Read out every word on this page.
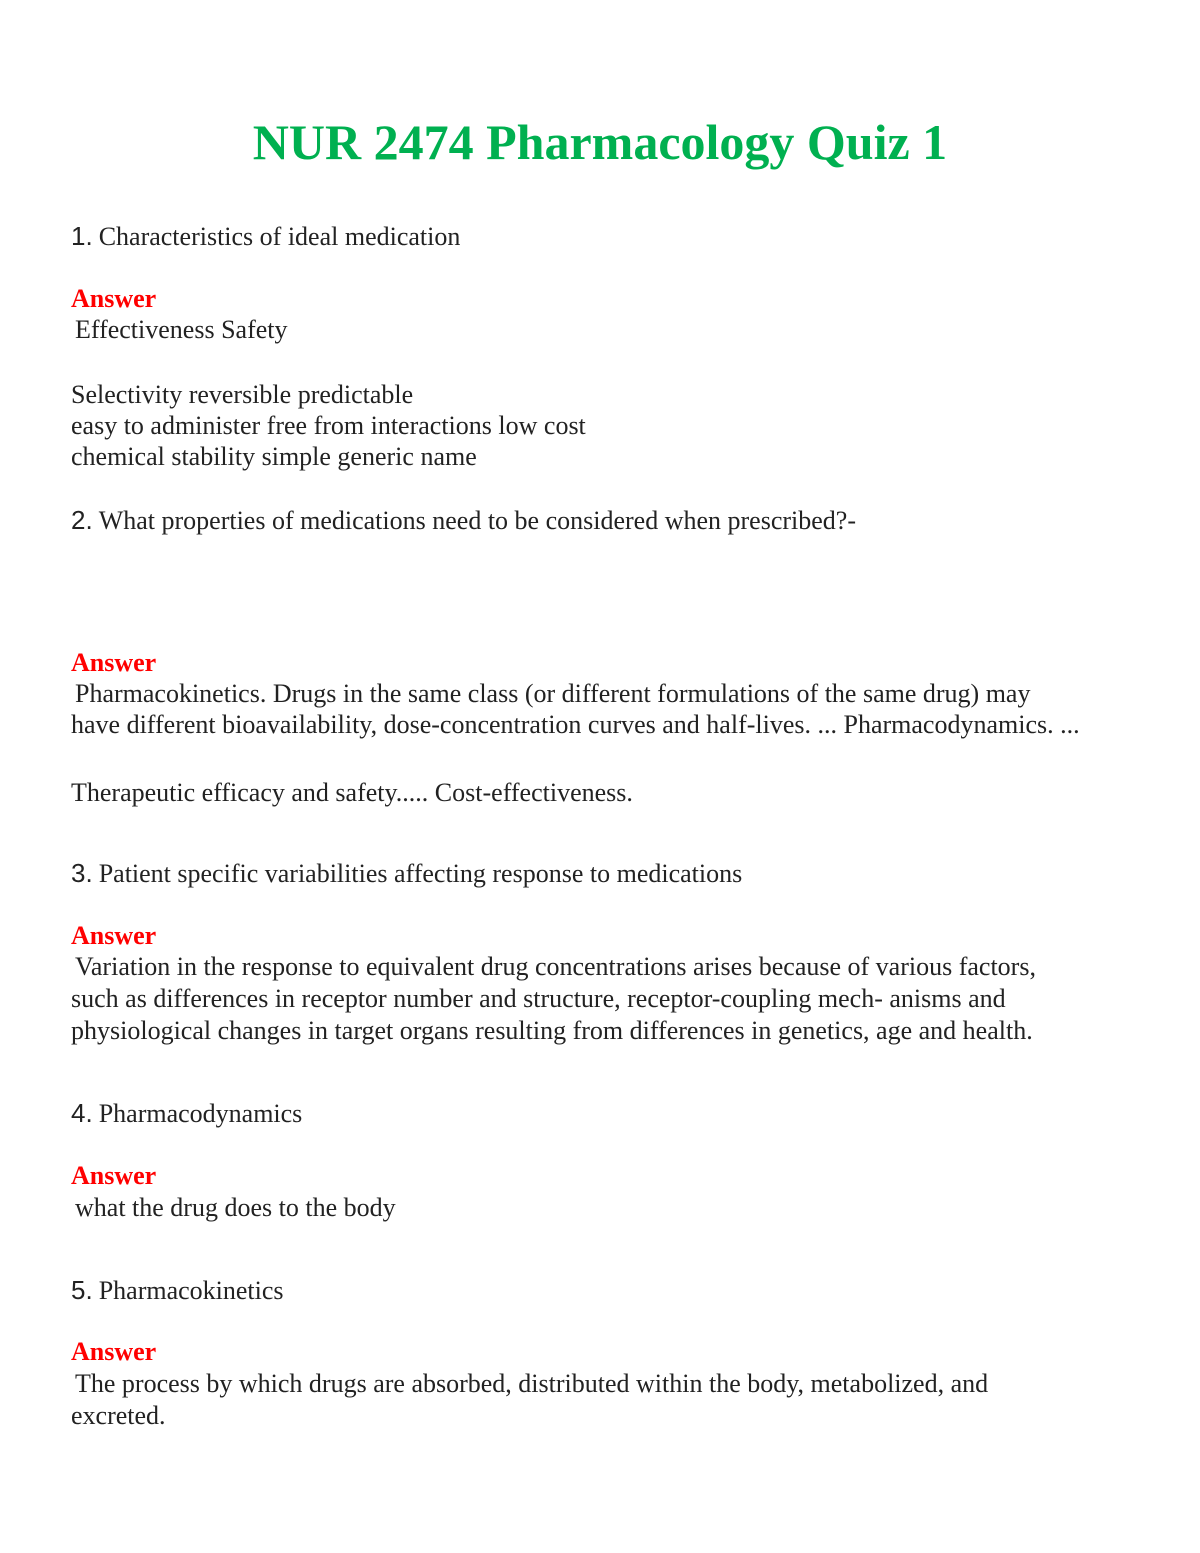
NUR 2474 Pharmacology Quiz 1
1. Characteristics of ideal medication
Answer
Effectiveness Safety
Selectivity reversible predictable
easy to administer free from interactions low cost
chemical stability simple generic name
2. What properties of medications need to be considered when prescribed?-
Answer
Pharmacokinetics. Drugs in the same class (or different formulations of the same drug) may
have different bioavailability, dose-concentration curves and half-lives. ... Pharmacodynamics. ...
Therapeutic efficacy and safety..... Cost-effectiveness.
3. Patient specific variabilities affecting response to medications
Answer
Variation in the response to equivalent drug concentrations arises because of various factors,
such as differences in receptor number and structure, receptor-coupling mech- anisms and
physiological changes in target organs resulting from differences in genetics, age and health.
4. Pharmacodynamics
Answer
what the drug does to the body
5. Pharmacokinetics
Answer
The process by which drugs are absorbed, distributed within the body, metabolized, and
excreted.
